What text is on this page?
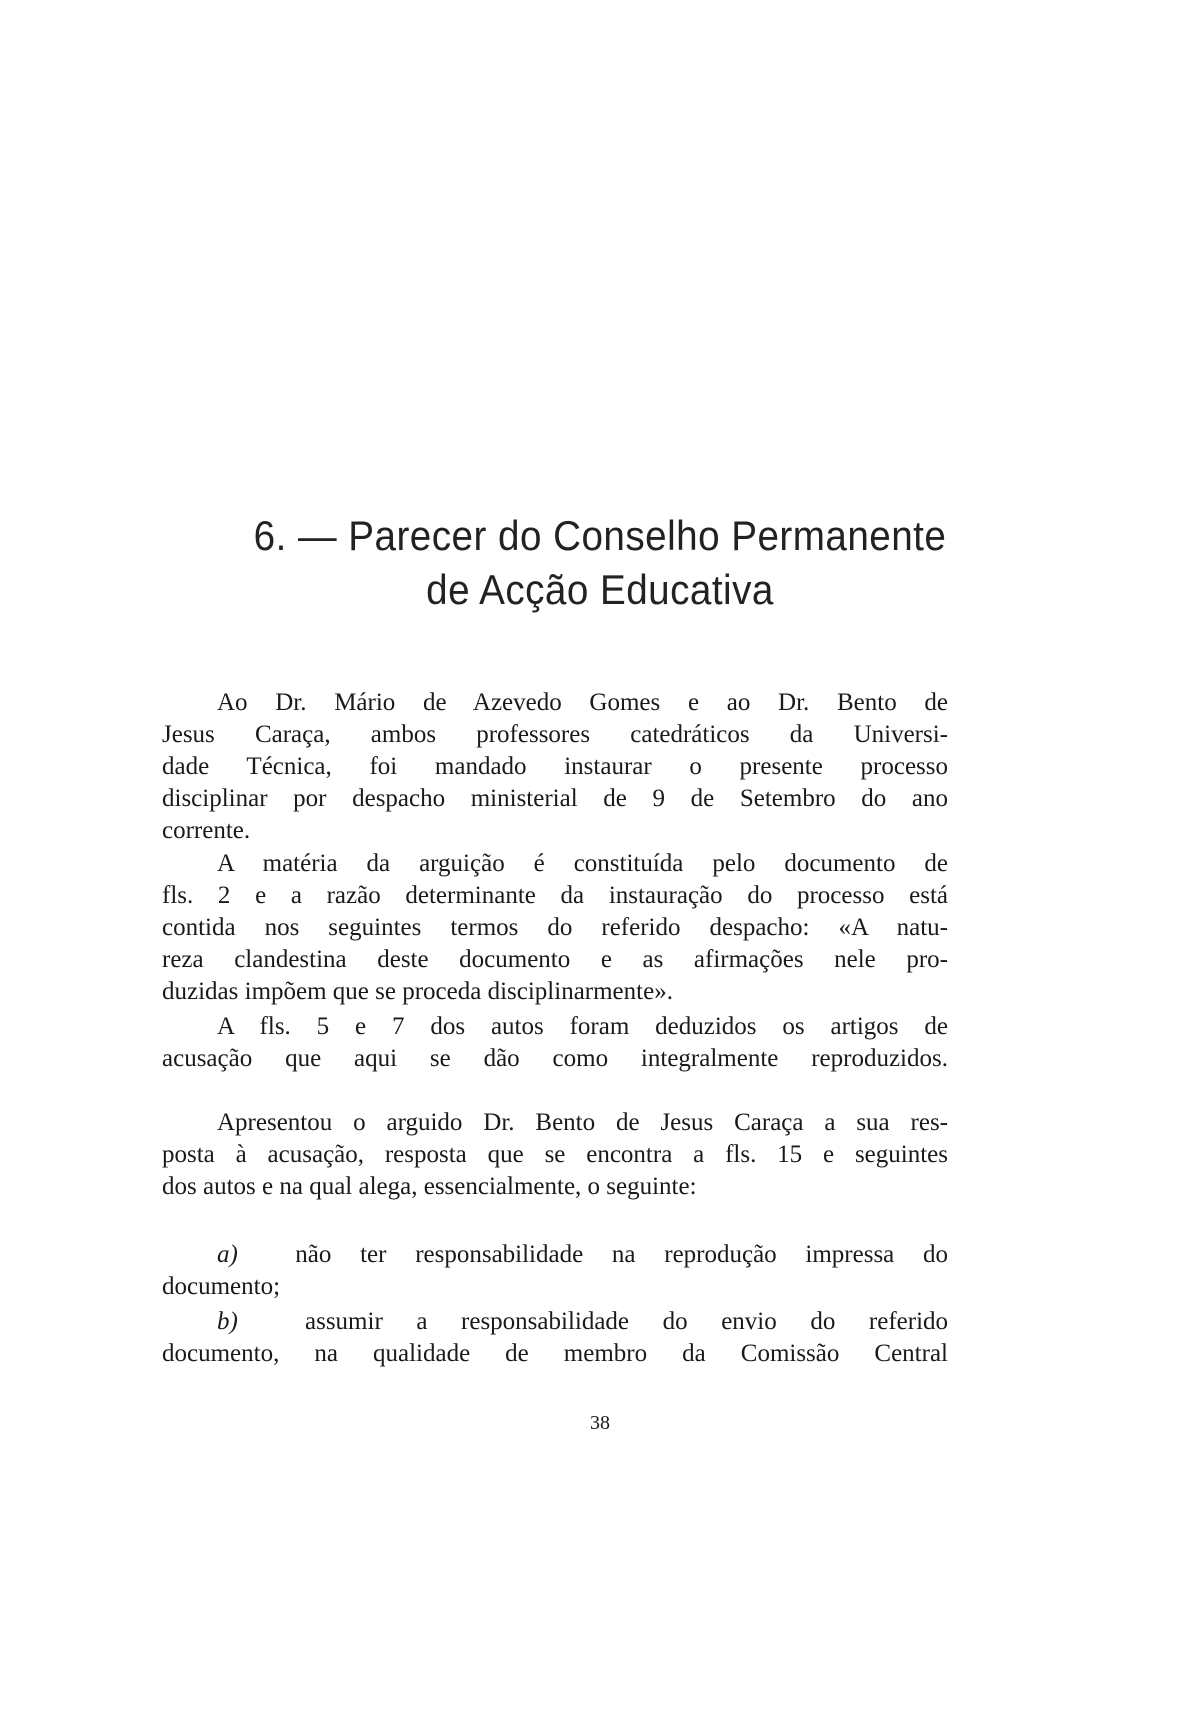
6. — Parecer do Conselho Permanente
de Acção Educativa
Ao Dr. Mário de Azevedo Gomes e ao Dr. Bento de
Jesus Caraça, ambos professores catedráticos da Universi-
dade Técnica, foi mandado instaurar o presente processo
disciplinar por despacho ministerial de 9 de Setembro do ano
corrente.
A matéria da arguição é constituída pelo documento de
fls. 2 e a razão determinante da instauração do processo está
contida nos seguintes termos do referido despacho: «A natu-
reza clandestina deste documento e as afirmações nele pro-
duzidas impõem que se proceda disciplinarmente».
A fls. 5 e 7 dos autos foram deduzidos os artigos de
acusação que aqui se dão como integralmente reproduzidos.
Apresentou o arguido Dr. Bento de Jesus Caraça a sua res-
posta à acusação, resposta que se encontra a fls. 15 e seguintes
dos autos e na qual alega, essencialmente, o seguinte:
a) não ter responsabilidade na reprodução impressa do
documento;
b)	assumir a responsabilidade do envio do referido
documento, na qualidade de membro da Comissão Central
38
